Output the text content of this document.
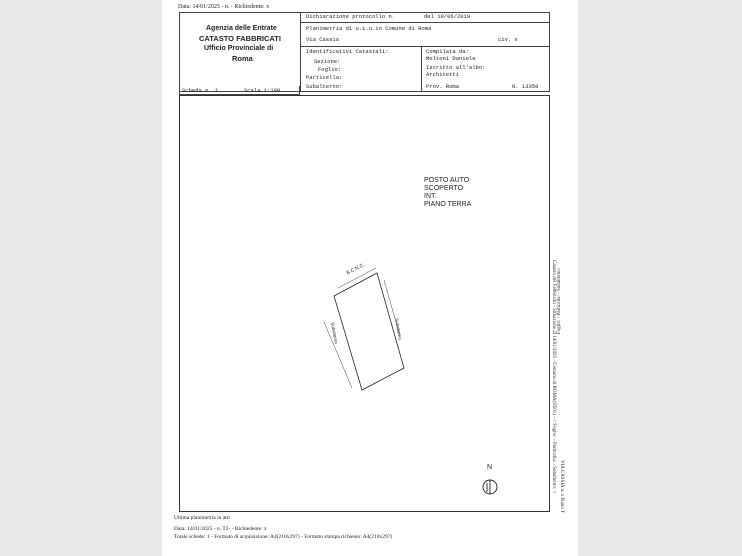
Data: 14/01/2025 - n. - Richiedente: x
Agenzia delle Entrate
CATASTO FABBRICATI
Ufficio Provinciale di
Roma
Dichiarazione protocollo n.	del 10/06/2019
Planimetria di u.i.u.in Comune di Roma
Via Cassia	civ. x
Identificativi Catastali:
Sezione:
Foglio:
Particella:
Subalterno:
Compilata da:
Moltoni Daniele
Iscritto all'albo:
Architetti
Prov. Roma	N. 13350
Scheda n. 1	Scala 1:100
B.C.N.C.
Subalterno
Subalterno
POSTO AUTO
SCOPERTO
INT.
PIANO TERRA
N
Foglio: - Particella: - Subalterno:
Catasto dei Fabbricati - Situazione al 14/01/2025 - Comune di ROMA(H501) - < Foglio: - Particella: - Subalterno: > VIA CASSIA n. x Piano T
Ultima planimetria in atti
Data: 14/01/2025 - n. T2- - Richiedente: x
Totale schede: 1 - Formato di acquisizione: A4(210x297) - Formato stampa richiesto: A4(210x297)
